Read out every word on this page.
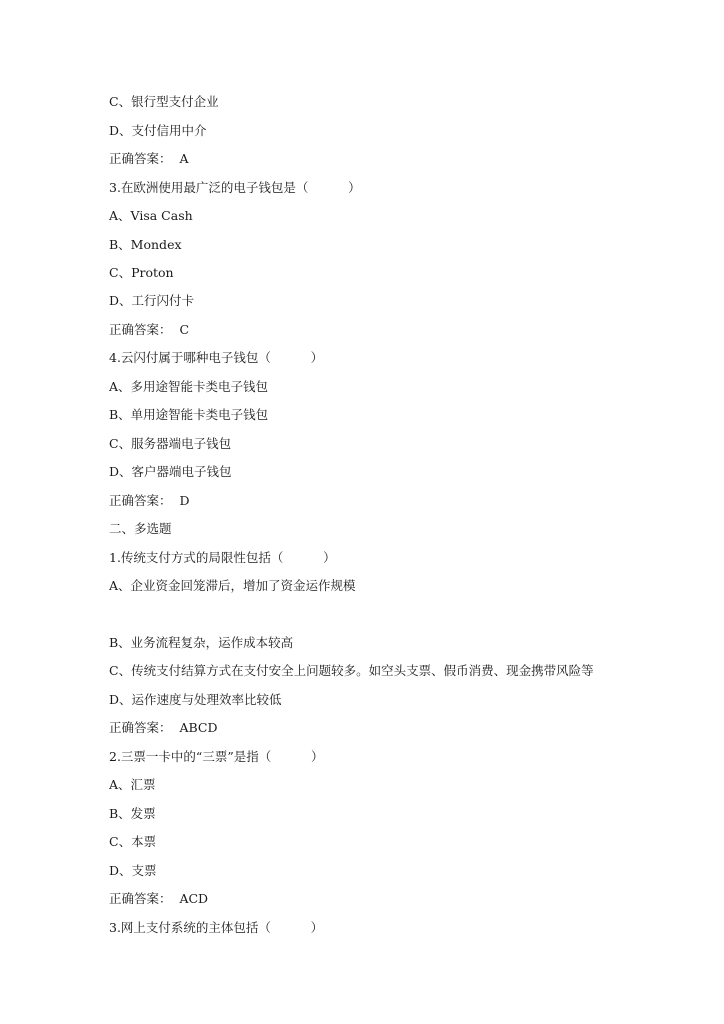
C、银行型支付企业
D、支付信用中介
正确答案：  A
3.在欧洲使用最广泛的电子钱包是（          ）
A、Visa Cash
B、Mondex
C、Proton
D、工行闪付卡
正确答案：  C
4.云闪付属于哪种电子钱包（          ）
A、多用途智能卡类电子钱包
B、单用途智能卡类电子钱包
C、服务器端电子钱包
D、客户器端电子钱包
正确答案：  D
二、多选题
1.传统支付方式的局限性包括（          ）
A、企业资金回笼滞后，增加了资金运作规模
B、业务流程复杂，运作成本较高
C、传统支付结算方式在支付安全上问题较多。如空头支票、假币消费、现金携带风险等
D、运作速度与处理效率比较低
正确答案：  ABCD
2.三票一卡中的“三票”是指（          ）
A、汇票
B、发票
C、本票
D、支票
正确答案：  ACD
3.网上支付系统的主体包括（          ）
